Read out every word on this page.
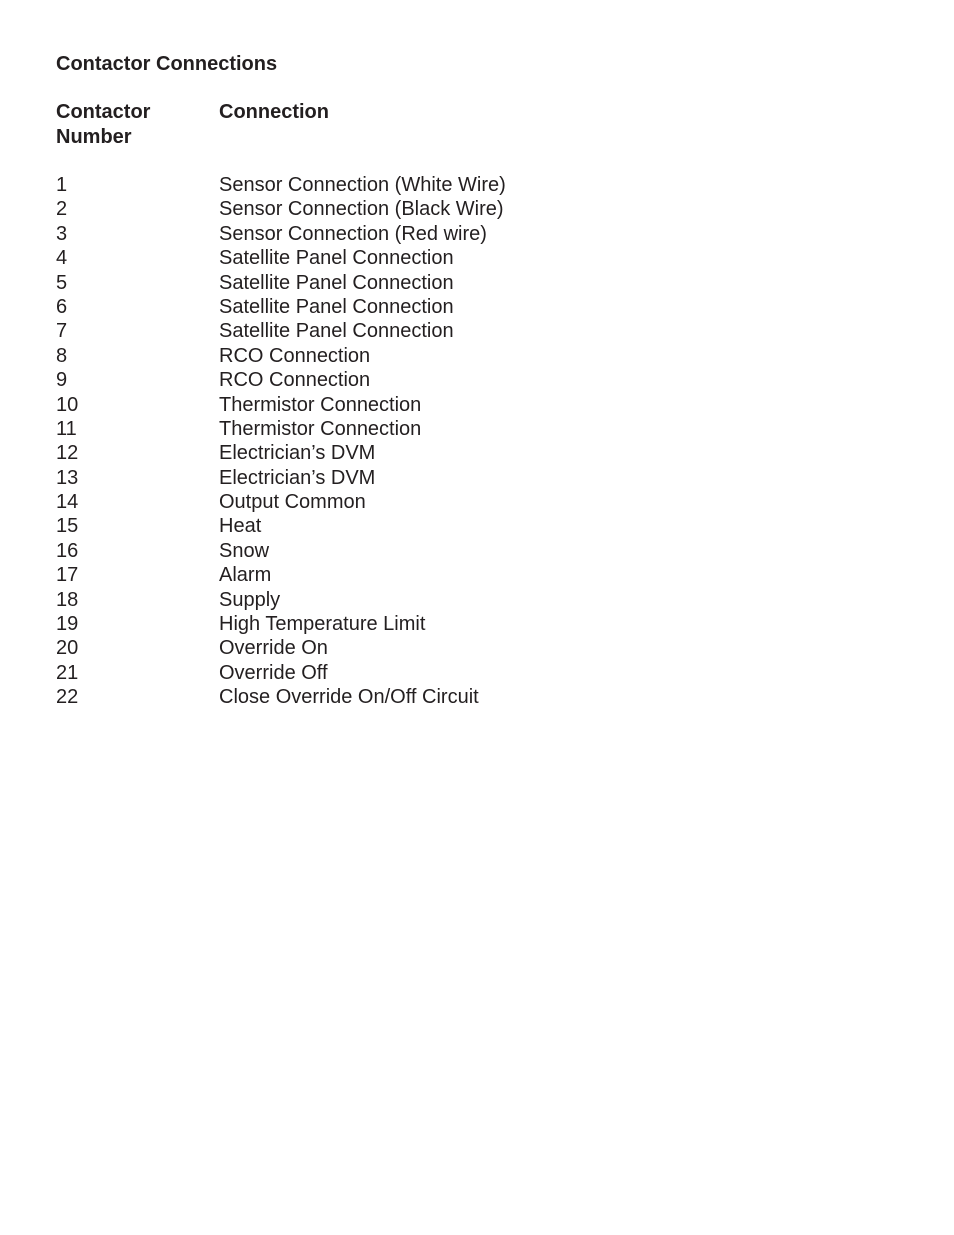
Contactor Connections
Contactor
Number
Connection
1	Sensor Connection (White Wire)
2	Sensor Connection (Black Wire)
3	Sensor Connection (Red wire)
4	Satellite Panel Connection
5	Satellite Panel Connection
6	Satellite Panel Connection
7	Satellite Panel Connection
8	RCO Connection
9	RCO Connection
10	Thermistor Connection
11	Thermistor Connection
12	Electrician’s DVM
13	Electrician’s DVM
14	Output Common
15	Heat
16	Snow
17	Alarm
18	Supply
19	High Temperature Limit
20	Override On
21	Override Off
22	Close Override On/Off Circuit
